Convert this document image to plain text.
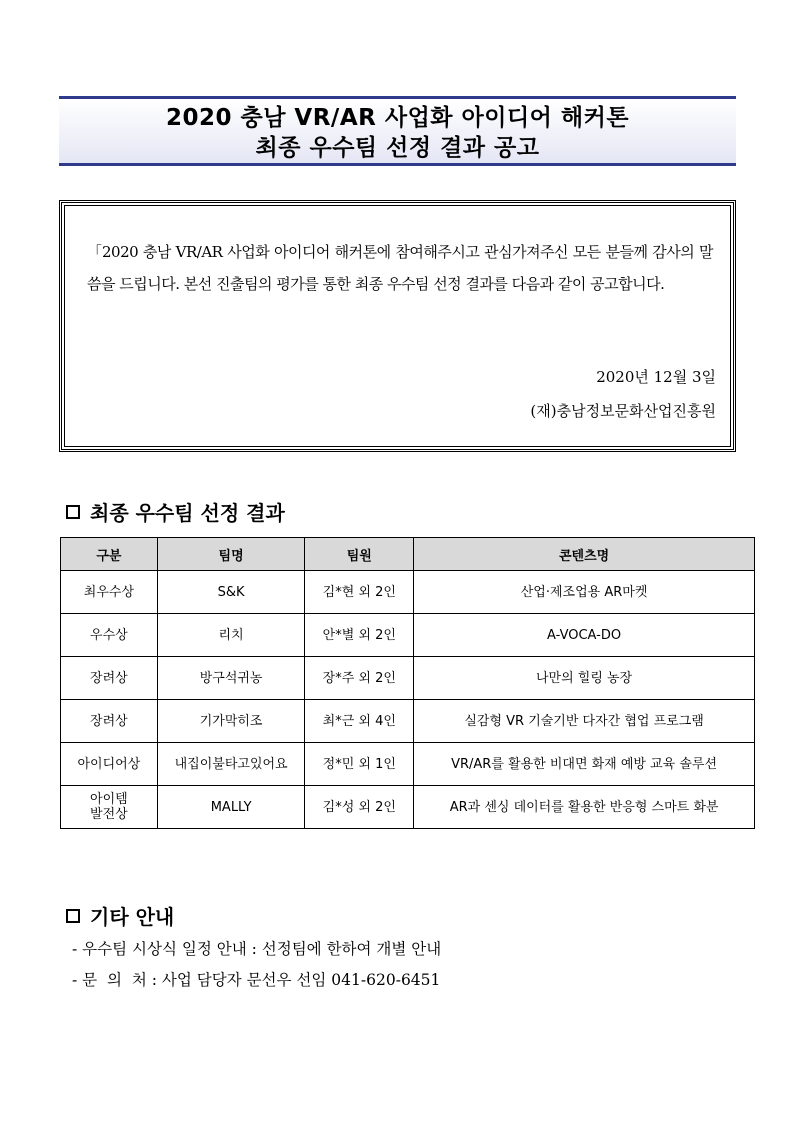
2020 충남 VR/AR 사업화 아이디어 해커톤
최종 우수팀 선정 결과 공고
「2020 충남 VR/AR 사업화 아이디어 해커톤에 참여해주시고 관심가져주신 모든 분들께 감사의 말씀을 드립니다. 본선 진출팀의 평가를 통한 최종 우수팀 선정 결과를 다음과 같이 공고합니다.
2020년 12월 3일
(재)충남정보문화산업진흥원
최종 우수팀 선정 결과
구분	팀명	팀원	콘텐츠명
최우수상	S&K	김*현 외 2인	산업·제조업용 AR마켓
우수상	리치	안*별 외 2인	A-VOCA-DO
장려상	방구석귀농	장*주 외 2인	나만의 힐링 농장
장려상	기가막히조	최*근 외 4인	실감형 VR 기술기반 다자간 협업 프로그램
아이디어상	내집이불타고있어요	정*민 외 1인	VR/AR를 활용한 비대면 화재 예방 교육 솔루션
아이템
발전상	MALLY	김*성 외 2인	AR과 센싱 데이터를 활용한 반응형 스마트 화분
기타 안내
- 우수팀 시상식 일정 안내 : 선정팀에 한하여 개별 안내
- 문  의  처 : 사업 담당자 문선우 선임 041-620-6451
